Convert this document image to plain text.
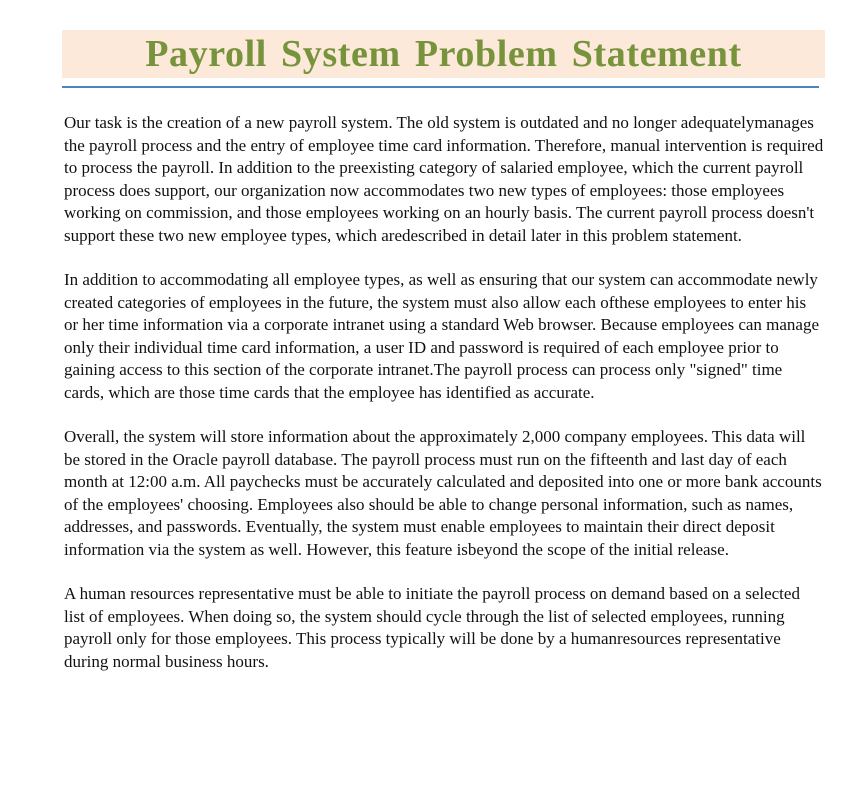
Payroll System Problem Statement

Our task is the creation of a new payroll system. The old system is outdated and no longer adequatelymanages the payroll process and the entry of employee time card information. Therefore, manual intervention is required to process the payroll. In addition to the preexisting category of salaried employee, which the current payroll process does support, our organization now accommodates two new types of employees: those employees working on commission, and those employees working on an hourly basis. The current payroll process doesn't support these two new employee types, which aredescribed in detail later in this problem statement.

In addition to accommodating all employee types, as well as ensuring that our system can accommodate newly created categories of employees in the future, the system must also allow each ofthese employees to enter his or her time information via a corporate intranet using a standard Web browser. Because employees can manage only their individual time card information, a user ID and password is required of each employee prior to gaining access to this section of the corporate intranet.The payroll process can process only "signed" time cards, which are those time cards that the employee has identified as accurate.

Overall, the system will store information about the approximately 2,000 company employees. This data will be stored in the Oracle payroll database. The payroll process must run on the fifteenth and last day of each month at 12:00 a.m. All paychecks must be accurately calculated and deposited into one or more bank accounts of the employees' choosing. Employees also should be able to change personal information, such as names, addresses, and passwords. Eventually, the system must enable employees to maintain their direct deposit information via the system as well. However, this feature isbeyond the scope of the initial release.

A human resources representative must be able to initiate the payroll process on demand based on a selected list of employees. When doing so, the system should cycle through the list of selected employees, running payroll only for those employees. This process typically will be done by a humanresources representative during normal business hours.
